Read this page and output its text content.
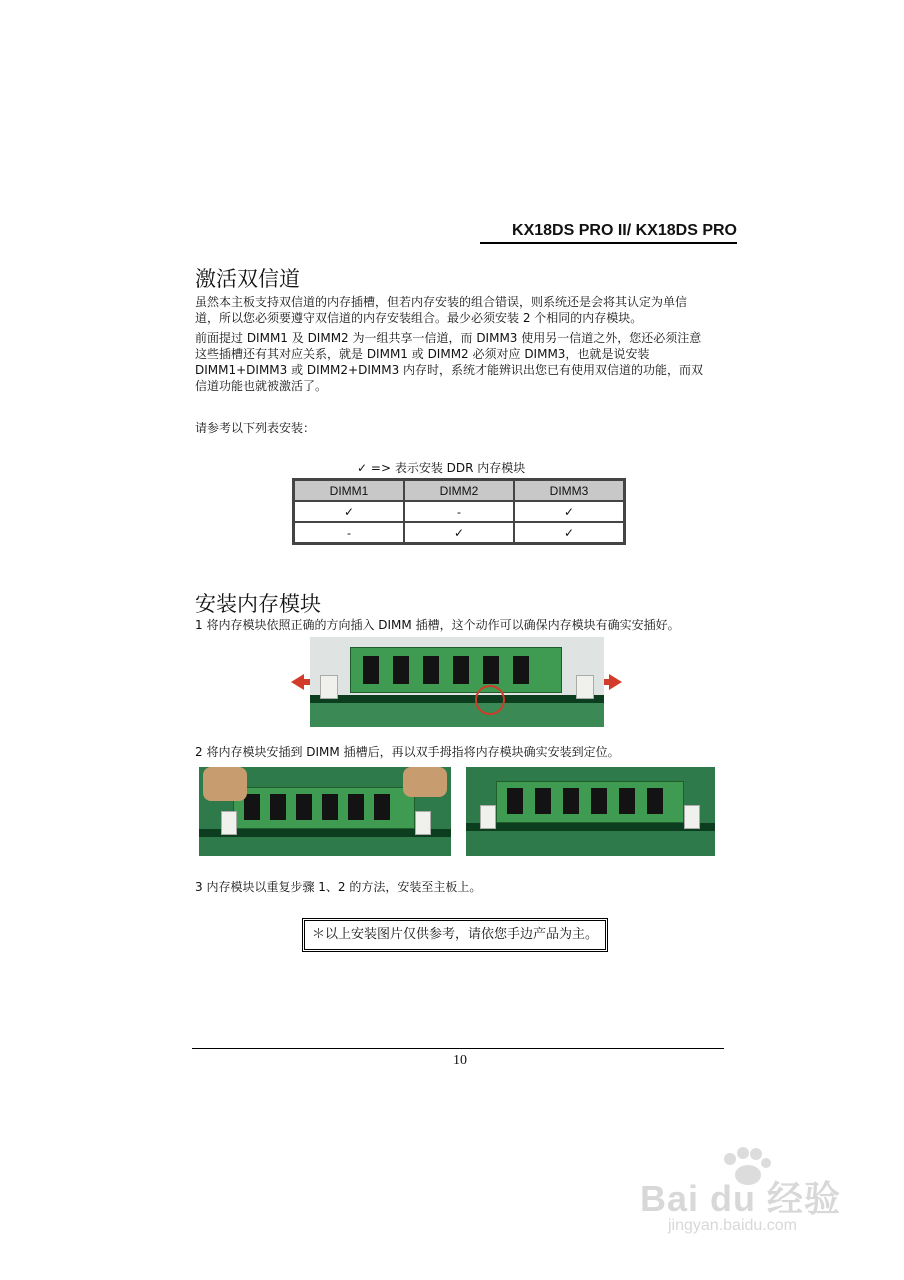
KX18DS PRO II/ KX18DS PRO
激活双信道
虽然本主板支持双信道的内存插槽，但若内存安装的组合错误，则系统还是会将其认定为单信
道，所以您必须要遵守双信道的内存安装组合。最少必须安装 2 个相同的内存模块。
前面提过 DIMM1 及 DIMM2 为一组共享一信道，而 DIMM3 使用另一信道之外，您还必须注意
这些插槽还有其对应关系，就是 DIMM1 或 DIMM2 必须对应 DIMM3，也就是说安装
DIMM1+DIMM3 或 DIMM2+DIMM3 内存时，系统才能辨识出您已有使用双信道的功能，而双
信道功能也就被激活了。
请参考以下列表安装：
✓ => 表示安装 DDR 内存模块
DIMM1	DIMM2	DIMM3
✓	-	✓
-	✓	✓
安装内存模块
1 将内存模块依照正确的方向插入 DIMM 插槽，这个动作可以确保内存模块有确实安插好。
2 将内存模块安插到 DIMM 插槽后，再以双手拇指将内存模块确实安装到定位。
3 内存模块以重复步骤 1、2 的方法，安装至主板上。
＊以上安装图片仅供参考，请依您手边产品为主。
10
Bai du 经验
jingyan.baidu.com
